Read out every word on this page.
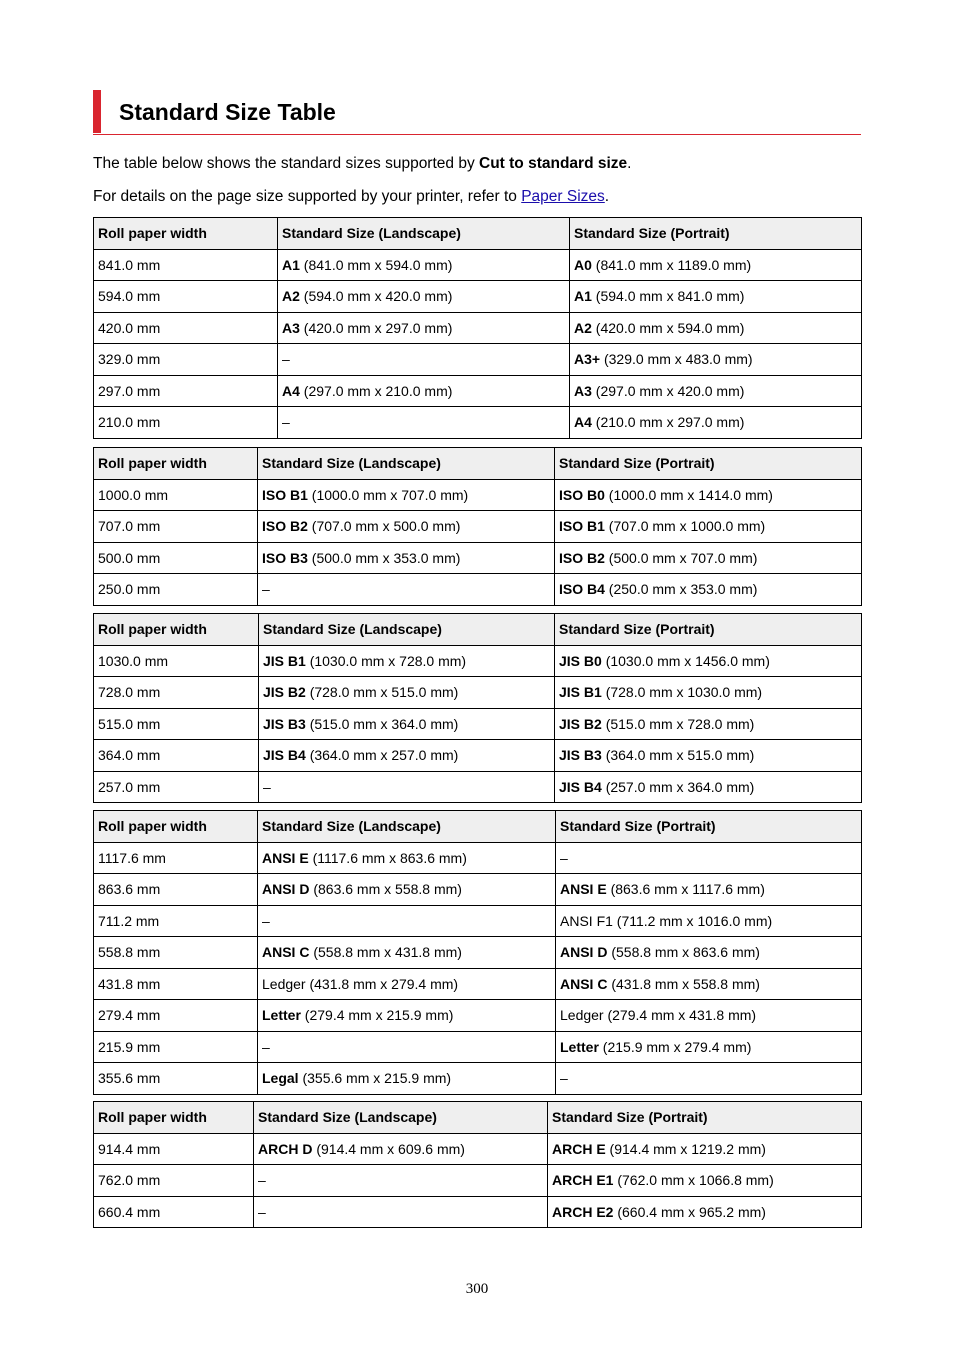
Standard Size Table

The table below shows the standard sizes supported by Cut to standard size.

For details on the page size supported by your printer, refer to Paper Sizes.

Roll paper width	Standard Size (Landscape)	Standard Size (Portrait)
841.0 mm	A1 (841.0 mm x 594.0 mm)	A0 (841.0 mm x 1189.0 mm)
594.0 mm	A2 (594.0 mm x 420.0 mm)	A1 (594.0 mm x 841.0 mm)
420.0 mm	A3 (420.0 mm x 297.0 mm)	A2 (420.0 mm x 594.0 mm)
329.0 mm	–	A3+ (329.0 mm x 483.0 mm)
297.0 mm	A4 (297.0 mm x 210.0 mm)	A3 (297.0 mm x 420.0 mm)
210.0 mm	–	A4 (210.0 mm x 297.0 mm)
Roll paper width	Standard Size (Landscape)	Standard Size (Portrait)
1000.0 mm	ISO B1 (1000.0 mm x 707.0 mm)	ISO B0 (1000.0 mm x 1414.0 mm)
707.0 mm	ISO B2 (707.0 mm x 500.0 mm)	ISO B1 (707.0 mm x 1000.0 mm)
500.0 mm	ISO B3 (500.0 mm x 353.0 mm)	ISO B2 (500.0 mm x 707.0 mm)
250.0 mm	–	ISO B4 (250.0 mm x 353.0 mm)
Roll paper width	Standard Size (Landscape)	Standard Size (Portrait)
1030.0 mm	JIS B1 (1030.0 mm x 728.0 mm)	JIS B0 (1030.0 mm x 1456.0 mm)
728.0 mm	JIS B2 (728.0 mm x 515.0 mm)	JIS B1 (728.0 mm x 1030.0 mm)
515.0 mm	JIS B3 (515.0 mm x 364.0 mm)	JIS B2 (515.0 mm x 728.0 mm)
364.0 mm	JIS B4 (364.0 mm x 257.0 mm)	JIS B3 (364.0 mm x 515.0 mm)
257.0 mm	–	JIS B4 (257.0 mm x 364.0 mm)
Roll paper width	Standard Size (Landscape)	Standard Size (Portrait)
1117.6 mm	ANSI E (1117.6 mm x 863.6 mm)	–
863.6 mm	ANSI D (863.6 mm x 558.8 mm)	ANSI E (863.6 mm x 1117.6 mm)
711.2 mm	–	ANSI F1 (711.2 mm x 1016.0 mm)
558.8 mm	ANSI C (558.8 mm x 431.8 mm)	ANSI D (558.8 mm x 863.6 mm)
431.8 mm	Ledger (431.8 mm x 279.4 mm)	ANSI C (431.8 mm x 558.8 mm)
279.4 mm	Letter (279.4 mm x 215.9 mm)	Ledger (279.4 mm x 431.8 mm)
215.9 mm	–	Letter (215.9 mm x 279.4 mm)
355.6 mm	Legal (355.6 mm x 215.9 mm)	–
Roll paper width	Standard Size (Landscape)	Standard Size (Portrait)
914.4 mm	ARCH D (914.4 mm x 609.6 mm)	ARCH E (914.4 mm x 1219.2 mm)
762.0 mm	–	ARCH E1 (762.0 mm x 1066.8 mm)
660.4 mm	–	ARCH E2 (660.4 mm x 965.2 mm)
300
